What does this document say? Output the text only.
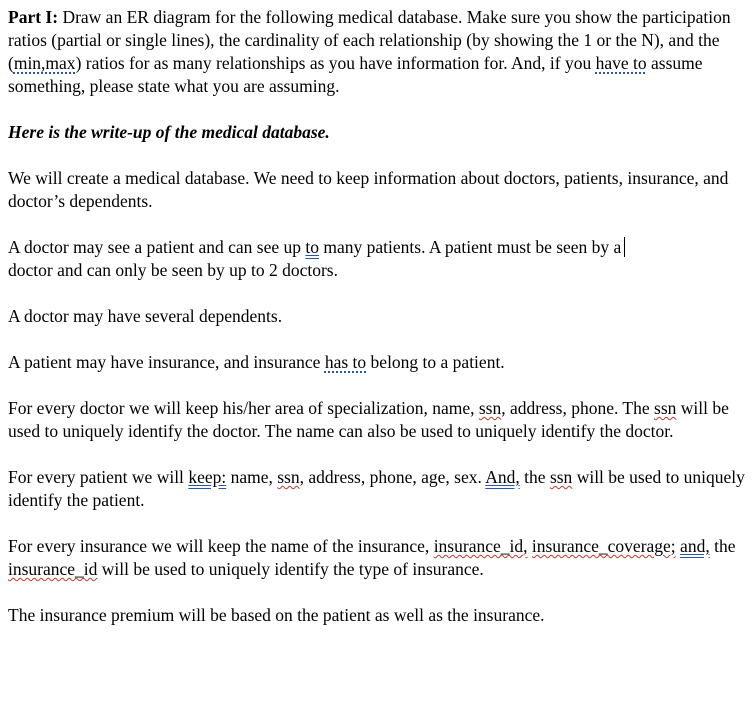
Part I: Draw an ER diagram for the following medical database. Make sure you show the participation ratios (partial or single lines), the cardinality of each relationship (by showing the 1 or the N), and the (min,max) ratios for as many relationships as you have information for. And, if you have to assume something, please state what you are assuming.

Here is the write-up of the medical database.

We will create a medical database. We need to keep information about doctors, patients, insurance, and doctor’s dependents.

A doctor may see a patient and can see up to many patients. A patient must be seen by a
doctor and can only be seen by up to 2 doctors.

A doctor may have several dependents.

A patient may have insurance, and insurance has to belong to a patient.

For every doctor we will keep his/her area of specialization, name, ssn, address, phone. The ssn will be used to uniquely identify the doctor. The name can also be used to uniquely identify the doctor.

For every patient we will keep: name, ssn, address, phone, age, sex. And, the ssn will be used to uniquely identify the patient.

For every insurance we will keep the name of the insurance, insurance_id, insurance_coverage; and, the insurance_id will be used to uniquely identify the type of insurance.

The insurance premium will be based on the patient as well as the insurance.
